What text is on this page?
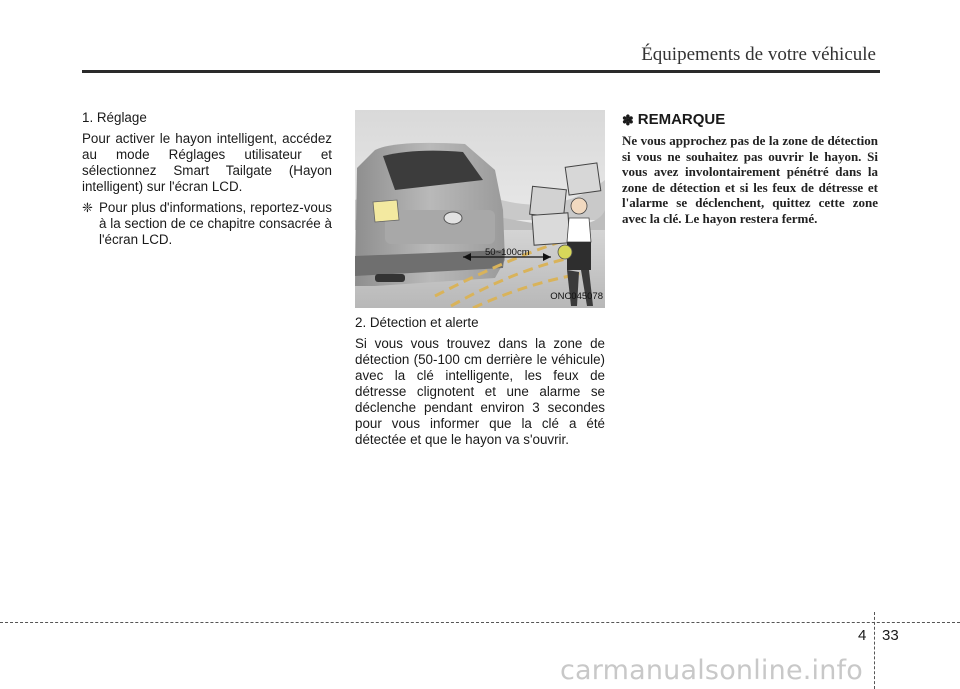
Équipements de votre véhicule
1. Réglage
Pour activer le hayon intelligent, accédez au mode Réglages utilisateur et sélectionnez Smart Tailgate (Hayon intelligent) sur l'écran LCD.
❈ Pour plus d'informations, reportez-vous à la section de ce chapitre consacrée à l'écran LCD.
50~100cm
ONC045078
2. Détection et alerte
Si vous vous trouvez dans la zone de détection (50-100 cm derrière le véhicule) avec la clé intelligente, les feux de détresse clignotent et une alarme se déclenche pendant environ 3 secondes pour vous informer que la clé a été détectée et que le hayon va s'ouvrir.
✽ REMARQUE
Ne vous approchez pas de la zone de détection si vous ne souhaitez pas ouvrir le hayon. Si vous avez involontairement pénétré dans la zone de détection et si les feux de détresse et l'alarme se déclenchent, quittez cette zone avec la clé. Le hayon restera fermé.
4 33
carmanualsonline.info
